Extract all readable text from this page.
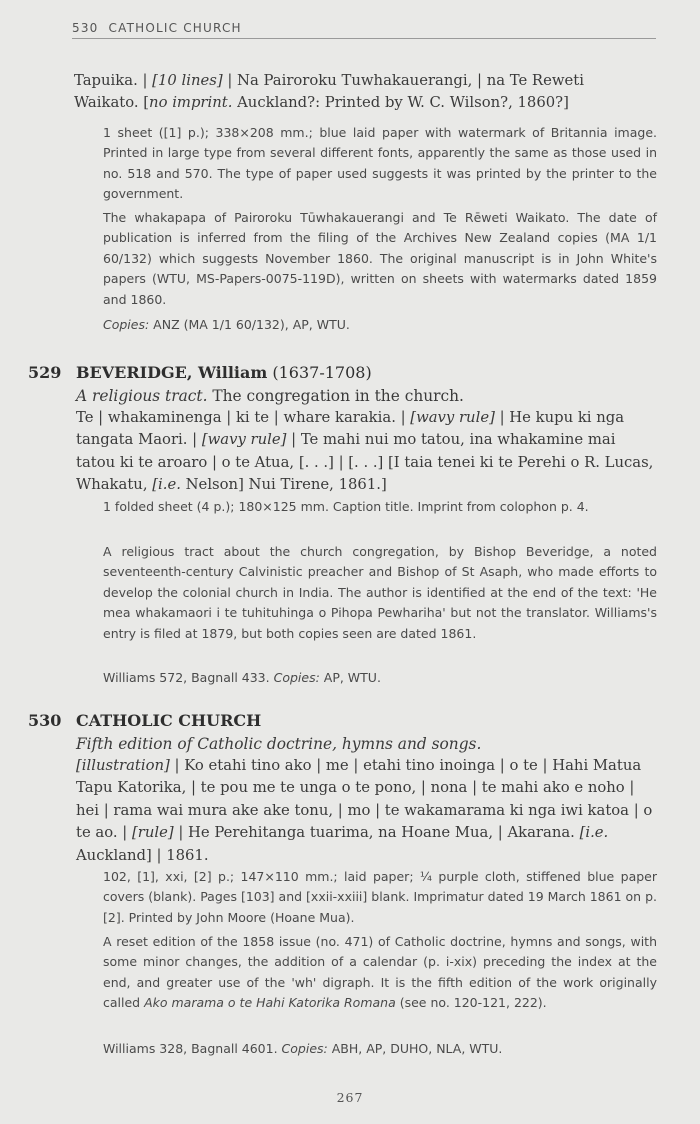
530 CATHOLIC CHURCH
Tapuika. | [10 lines] | Na Pairoroku Tuwhakauerangi, | na Te Reweti
Waikato. [no imprint. Auckland?: Printed by W. C. Wilson?, 1860?]
1 sheet ([1] p.); 338×208 mm.; blue laid paper with watermark of Britannia image. Printed in large type from several different fonts, apparently the same as those used in no. 518 and 570. The type of paper used suggests it was printed by the printer to the government.
The whakapapa of Pairoroku Tūwhakauerangi and Te Rēweti Waikato. The date of publication is inferred from the filing of the Archives New Zealand copies (MA 1/1 60/132) which suggests November 1860. The original manuscript is in John White's papers (WTU, MS-Papers-0075-119D), written on sheets with watermarks dated 1859 and 1860.
Copies: ANZ (MA 1/1 60/132), AP, WTU.
529 BEVERIDGE, William (1637-1708)
A religious tract. The congregation in the church.
Te | whakaminenga | ki te | whare karakia. | [wavy rule] | He kupu ki nga tangata Maori. | [wavy rule] | Te mahi nui mo tatou, ina whakamine mai tatou ki te aroaro | o te Atua, [. . .] | [. . .] [I taia tenei ki te Perehi o R. Lucas, Whakatu, [i.e. Nelson] Nui Tirene, 1861.]
1 folded sheet (4 p.); 180×125 mm. Caption title. Imprint from colophon p. 4.
A religious tract about the church congregation, by Bishop Beveridge, a noted seventeenth-century Calvinistic preacher and Bishop of St Asaph, who made efforts to develop the colonial church in India. The author is identified at the end of the text: 'He mea whakamaori i te tuhituhinga o Pihopa Pewhariha' but not the translator. Williams's entry is filed at 1879, but both copies seen are dated 1861.
Williams 572, Bagnall 433. Copies: AP, WTU.
530 CATHOLIC CHURCH
Fifth edition of Catholic doctrine, hymns and songs.
[illustration] | Ko etahi tino ako | me | etahi tino inoinga | o te | Hahi Matua Tapu Katorika, | te pou me te unga o te pono, | nona | te mahi ako e noho | hei | rama wai mura ake ake tonu, | mo | te wakamarama ki nga iwi katoa | o te ao. | [rule] | He Perehitanga tuarima, na Hoane Mua, | Akarana. [i.e. Auckland] | 1861.
102, [1], xxi, [2] p.; 147×110 mm.; laid paper; ¼ purple cloth, stiffened blue paper covers (blank). Pages [103] and [xxii-xxiii] blank. Imprimatur dated 19 March 1861 on p. [2]. Printed by John Moore (Hoane Mua).
A reset edition of the 1858 issue (no. 471) of Catholic doctrine, hymns and songs, with some minor changes, the addition of a calendar (p. i-xix) preceding the index at the end, and greater use of the 'wh' digraph. It is the fifth edition of the work originally called Ako marama o te Hahi Katorika Romana (see no. 120-121, 222).
Williams 328, Bagnall 4601. Copies: ABH, AP, DUHO, NLA, WTU.
267
